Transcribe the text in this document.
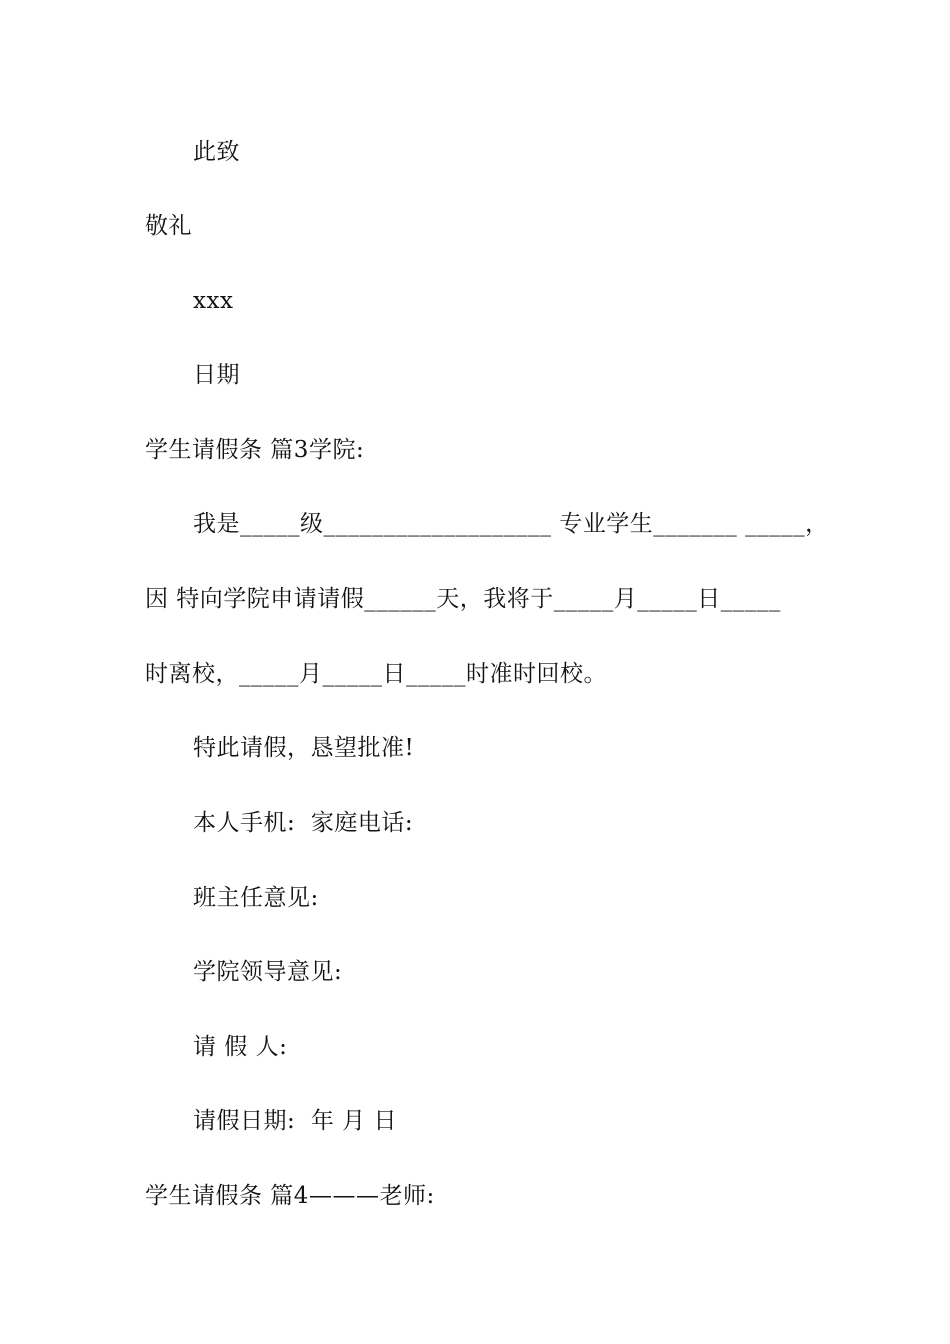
此致
敬礼
xxx
日期
学生请假条 篇3学院:
我是_____级___________________ 专业学生_______ _____，
因 特向学院申请请假______天，我将于_____月_____日_____
时离校，_____月_____日_____时准时回校。
特此请假，恳望批准!
本人手机:  家庭电话:
班主任意见:
学院领导意见:
请 假 人:
请假日期:  年 月 日
学生请假条 篇4———老师:
